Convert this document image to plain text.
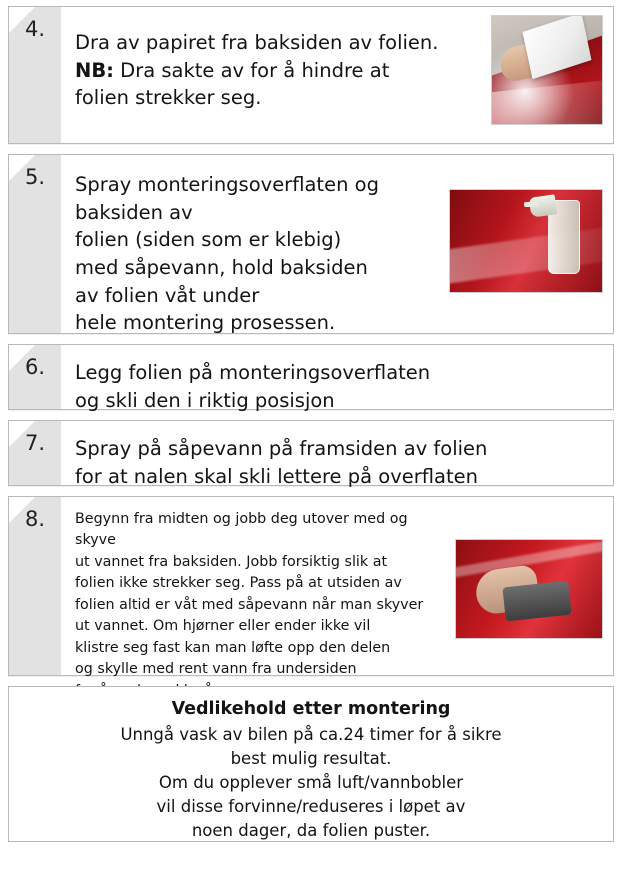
4.
Dra av papiret fra baksiden av folien.
NB: Dra sakte av for å hindre at
folien strekker seg.
5. Spray monteringsoverflaten og baksiden av
folien (siden som er klebig)
med såpevann, hold baksiden
av folien våt under
hele montering prosessen.
6. Legg folien på monteringsoverflaten
og skli den i riktig posisjon
7. Spray på såpevann på framsiden av folien
for at nalen skal skli lettere på overflaten
8. Begynn fra midten og jobb deg utover med og skyve
ut vannet fra baksiden. Jobb forsiktig slik at
folien ikke strekker seg. Pass på at utsiden av
folien altid er våt med såpevann når man skyver
ut vannet. Om hjørner eller ender ikke vil
klistre seg fast kan man løfte opp den delen
og skylle med rent vann fra undersiden
Vedlikehold etter montering
Unngå vask av bilen på ca.24 timer for å sikre
best mulig resultat.
Om du opplever små luft/vannbobler
vil disse forvinne/reduseres i løpet av
noen dager, da folien puster.
